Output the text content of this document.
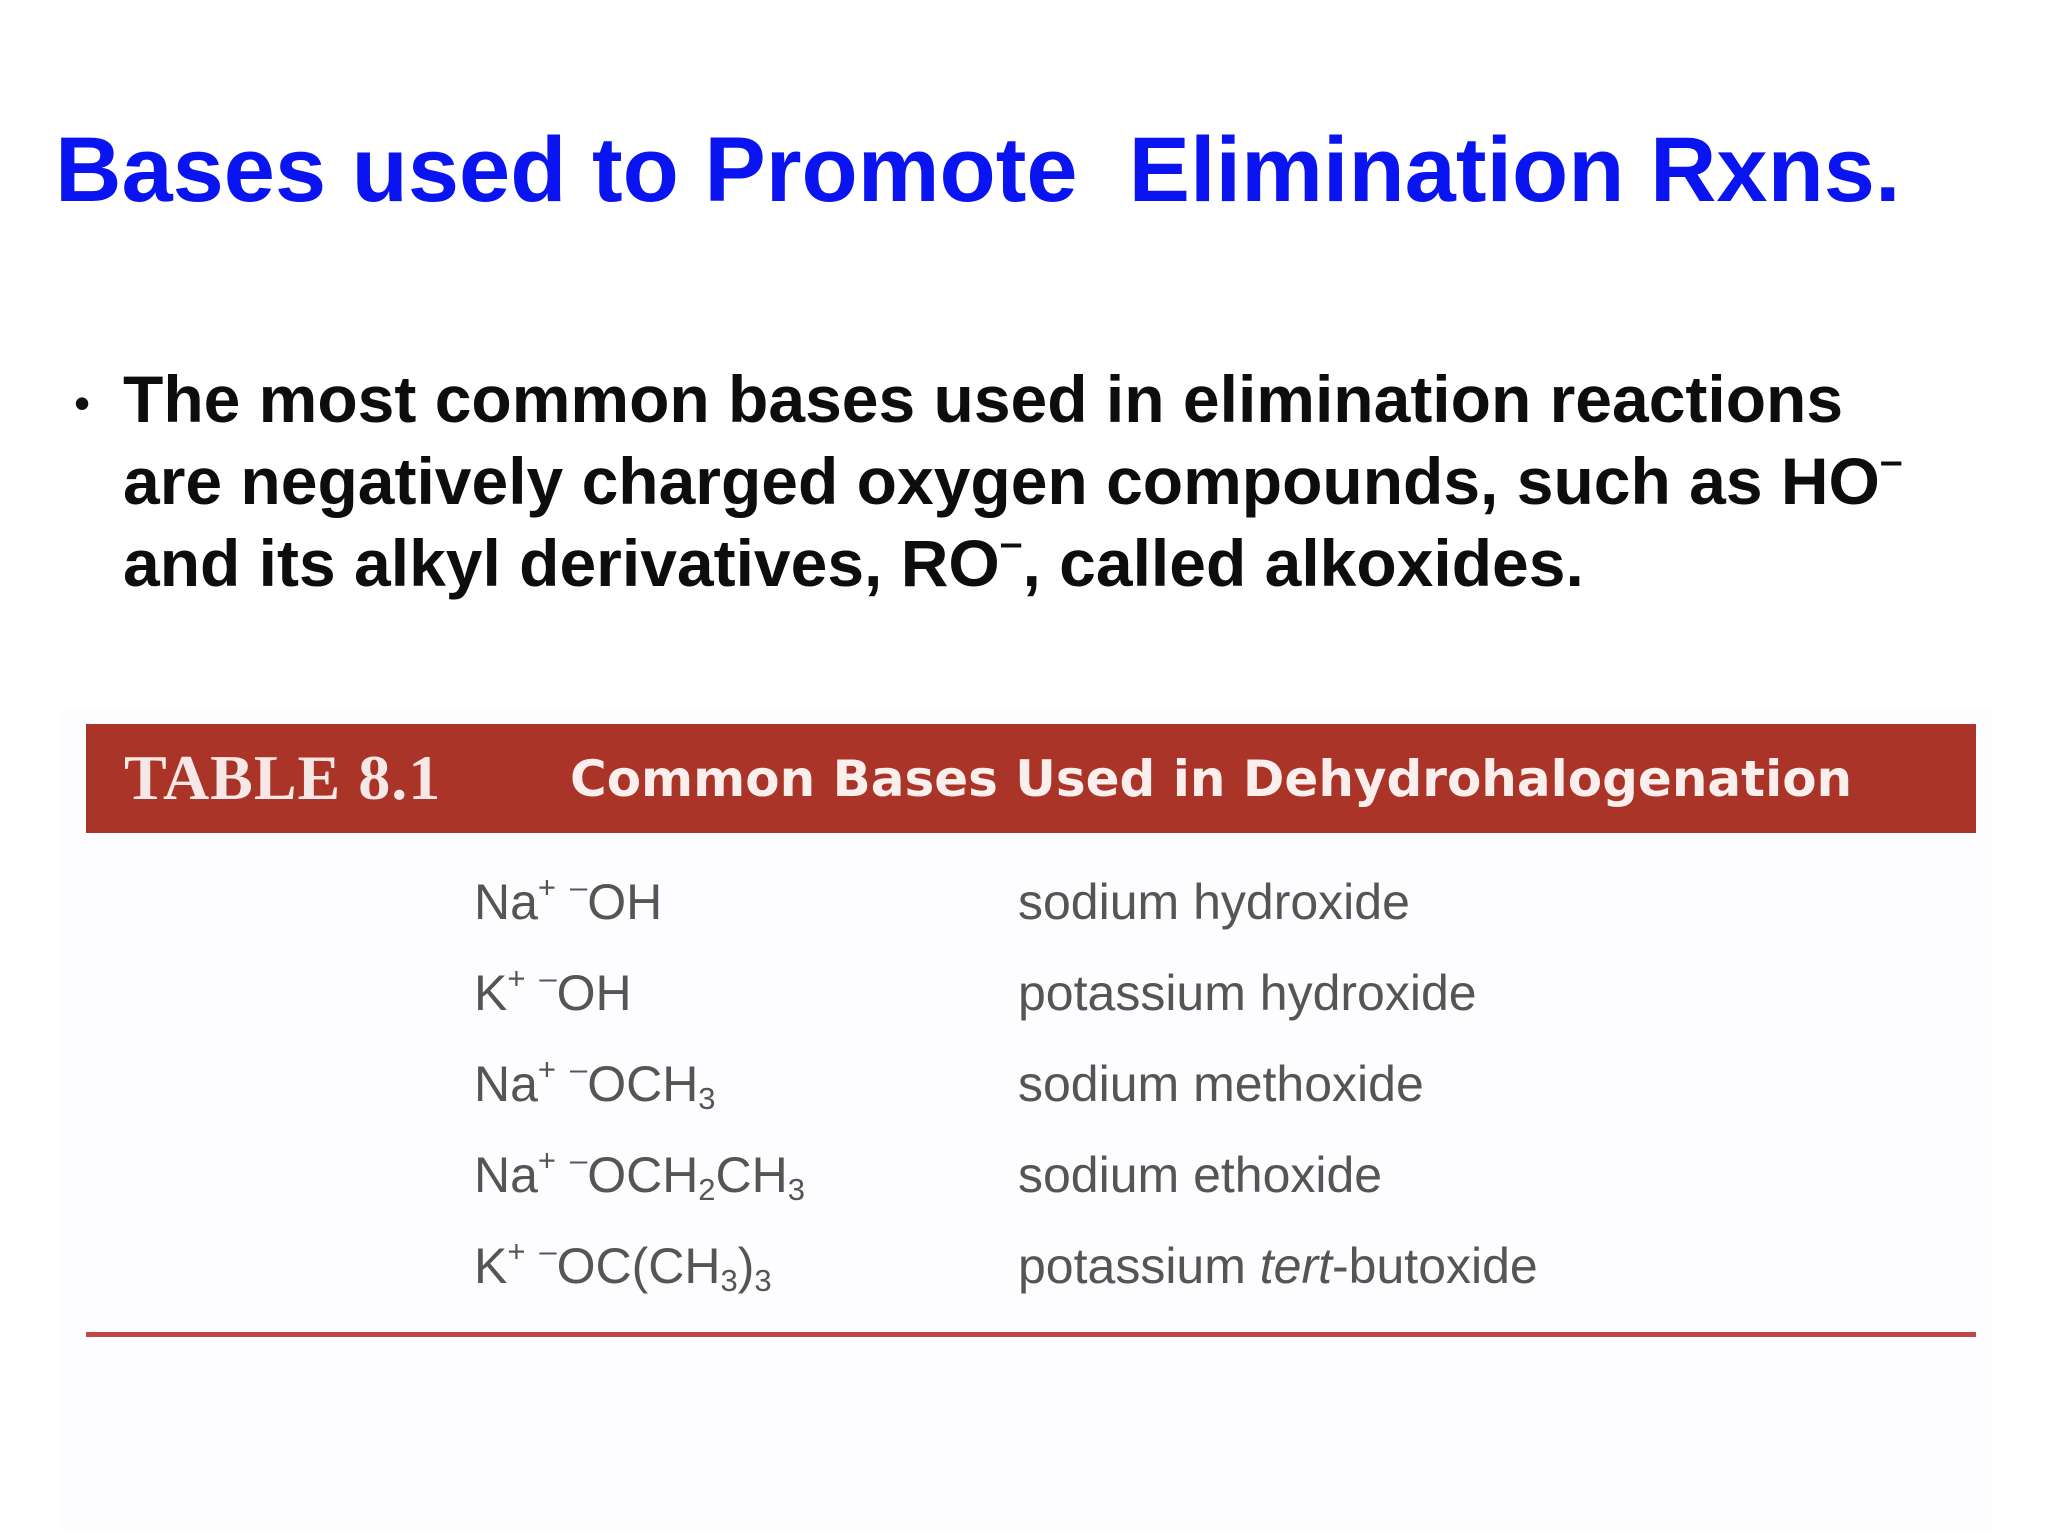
Bases used to Promote  Elimination Rxns.
• The most common bases used in elimination reactions
are negatively charged oxygen compounds, such as HO–
and its alkyl derivatives, RO–, called alkoxides.

TABLE 8.1	Common Bases Used in Dehydrohalogenation
Na+ –OH	sodium hydroxide
K+ –OH	potassium hydroxide
Na+ $^-OCH_3$	sodium methoxide
Na+ $^-OCH_2CH_3$	sodium ethoxide
K+ $^-OC(CH_3)_3$	potassium tert-butoxide
